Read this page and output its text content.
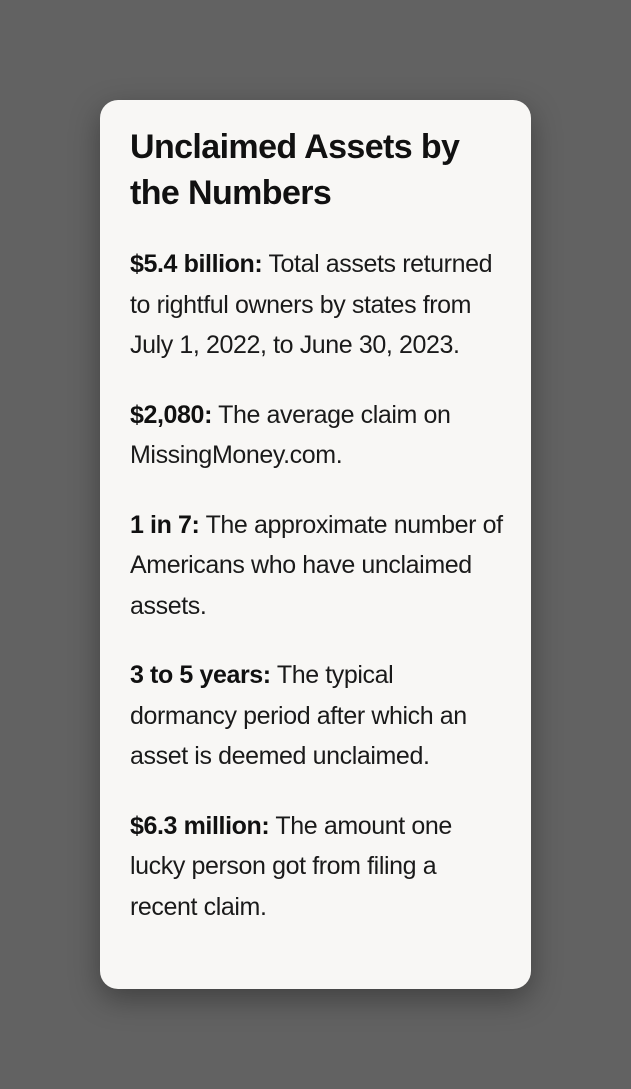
Unclaimed Assets by the Numbers

$5.4 billion: Total assets returned to rightful owners by states from July 1, 2022, to June 30, 2023.

$2,080: The average claim on MissingMoney.com.

1 in 7: The approximate number of Americans who have unclaimed assets.

3 to 5 years: The typical dormancy period after which an asset is deemed unclaimed.

$6.3 million: The amount one lucky person got from filing a recent claim.
